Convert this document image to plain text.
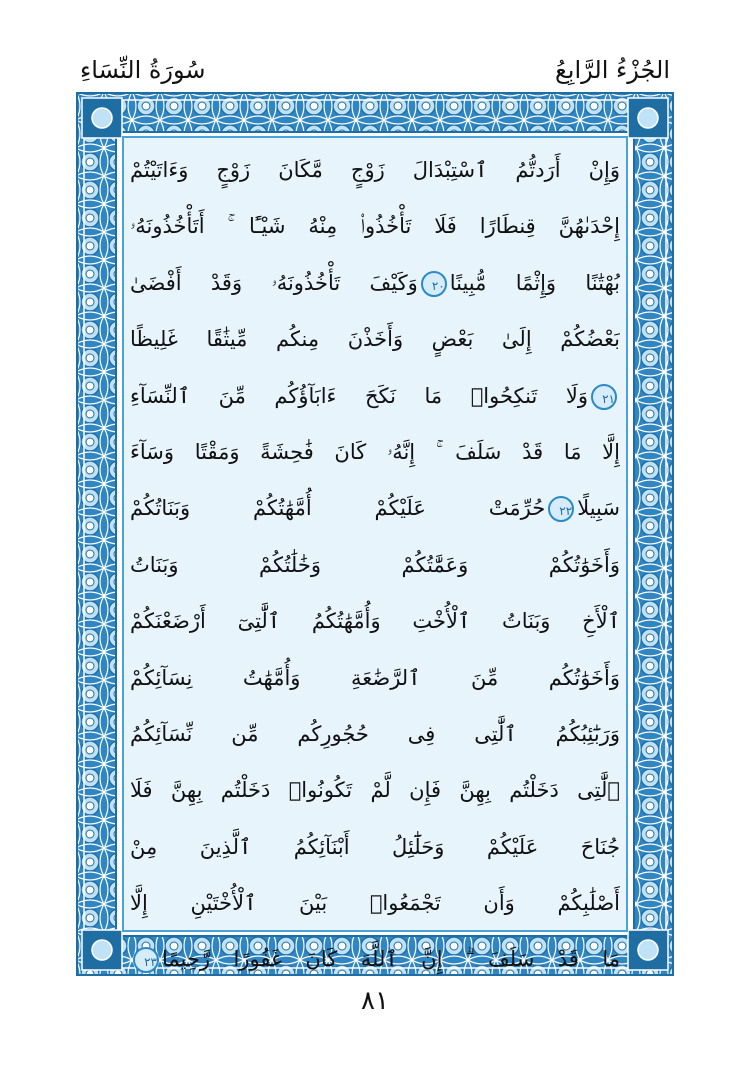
سُورَةُ النِّسَاءِ	الجُزْءُ الرَّابِعُ
وَإِنْ أَرَدتُّمُ ٱسْتِبْدَالَ زَوْجٍ مَّكَانَ زَوْجٍ وَءَاتَيْتُمْ
إِحْدَىٰهُنَّ قِنطَارًا فَلَا تَأْخُذُوا۟ مِنْهُ شَيْـًٔا ۚ أَتَأْخُذُونَهُۥ
بُهْتَٰنًا وَإِثْمًا مُّبِينًا٢٠وَكَيْفَ تَأْخُذُونَهُۥ وَقَدْ أَفْضَىٰ
بَعْضُكُمْ إِلَىٰ بَعْضٍ وَأَخَذْنَ مِنكُم مِّيثَٰقًا غَلِيظًا
٢١وَلَا تَنكِحُوا۟ مَا نَكَحَ ءَابَآؤُكُم مِّنَ ٱلنِّسَآءِ
إِلَّا مَا قَدْ سَلَفَ ۚ إِنَّهُۥ كَانَ فَٰحِشَةً وَمَقْتًا وَسَآءَ
سَبِيلًا٢٢حُرِّمَتْ عَلَيْكُمْ أُمَّهَٰتُكُمْ وَبَنَاتُكُمْ
وَأَخَوَٰتُكُمْ وَعَمَّٰتُكُمْ وَخَٰلَٰتُكُمْ وَبَنَاتُ
ٱلْأَخِ وَبَنَاتُ ٱلْأُخْتِ وَأُمَّهَٰتُكُمُ ٱلَّٰتِىٓ أَرْضَعْنَكُمْ
وَأَخَوَٰتُكُم مِّنَ ٱلرَّضَٰعَةِ وَأُمَّهَٰتُ نِسَآئِكُمْ
وَرَبَٰٓئِبُكُمُ ٱلَّٰتِى فِى حُجُورِكُم مِّن نِّسَآئِكُمُ
ٱلَّٰتِى دَخَلْتُم بِهِنَّ فَإِن لَّمْ تَكُونُوا۟ دَخَلْتُم بِهِنَّ فَلَا
جُنَاحَ عَلَيْكُمْ وَحَلَٰٓئِلُ أَبْنَآئِكُمُ ٱلَّذِينَ مِنْ
أَصْلَٰبِكُمْ وَأَن تَجْمَعُوا۟ بَيْنَ ٱلْأُخْتَيْنِ إِلَّا
مَا قَدْ سَلَفَ ۗ إِنَّ ٱللَّهَ كَانَ غَفُورًا رَّحِيمًا٢٣
٨١
